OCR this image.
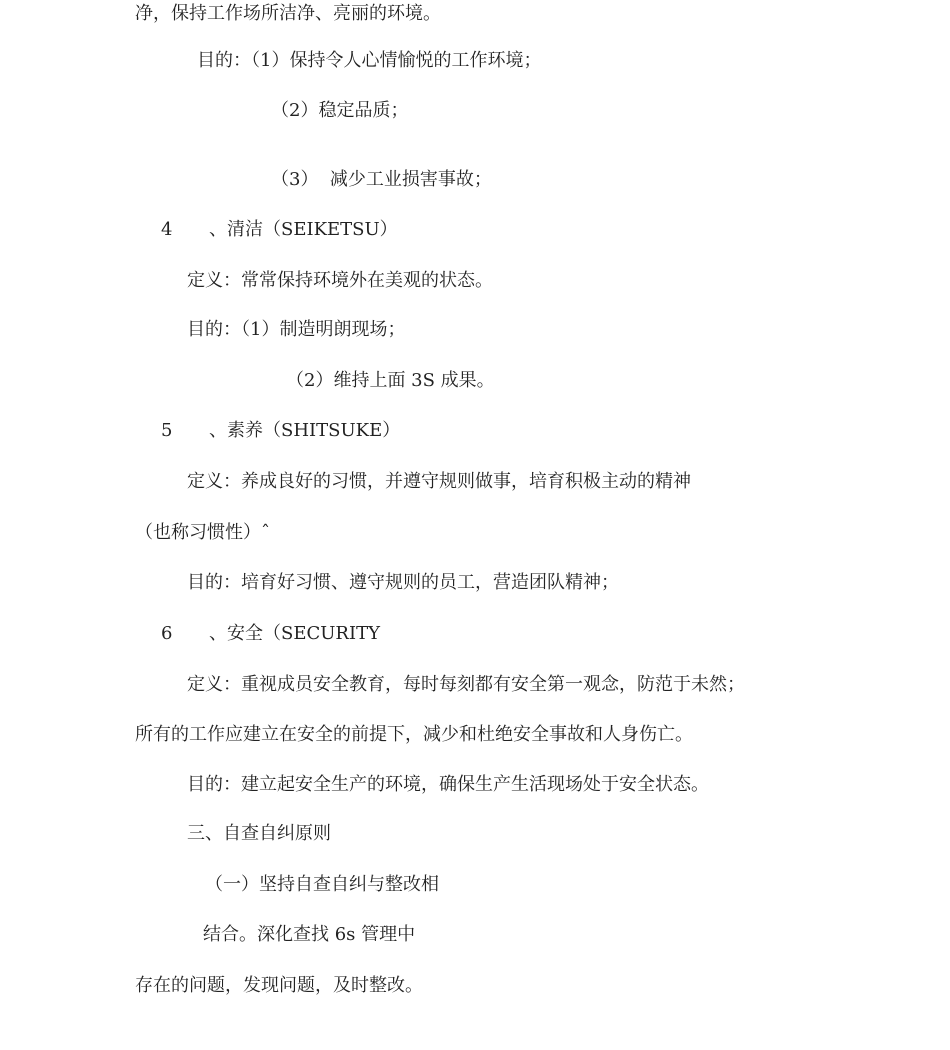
净，保持工作场所洁净、亮丽的环境。

目的：（1）保持令人心情愉悦的工作环境；

（2）稳定品质；

（3）  减少工业损害事故；

4 、清洁（SEIKETSU）

定义：常常保持环境外在美观的状态。

目的：（1）制造明朗现场；

（2）维持上面 3S 成果。

5 、素养（SHITSUKE）

定义：养成良好的习惯，并遵守规则做事，培育积极主动的精神

（也称习惯性）ˆ

目的：培育好习惯、遵守规则的员工，营造团队精神；

6 、安全（SECURITY

定义：重视成员安全教育，每时每刻都有安全第一观念，防范于未然；

所有的工作应建立在安全的前提下，减少和杜绝安全事故和人身伤亡。

目的：建立起安全生产的环境，确保生产生活现场处于安全状态。

三、自查自纠原则

（一）坚持自查自纠与整改相

结合。深化查找 6s 管理中

存在的问题，发现问题，及时整改。
